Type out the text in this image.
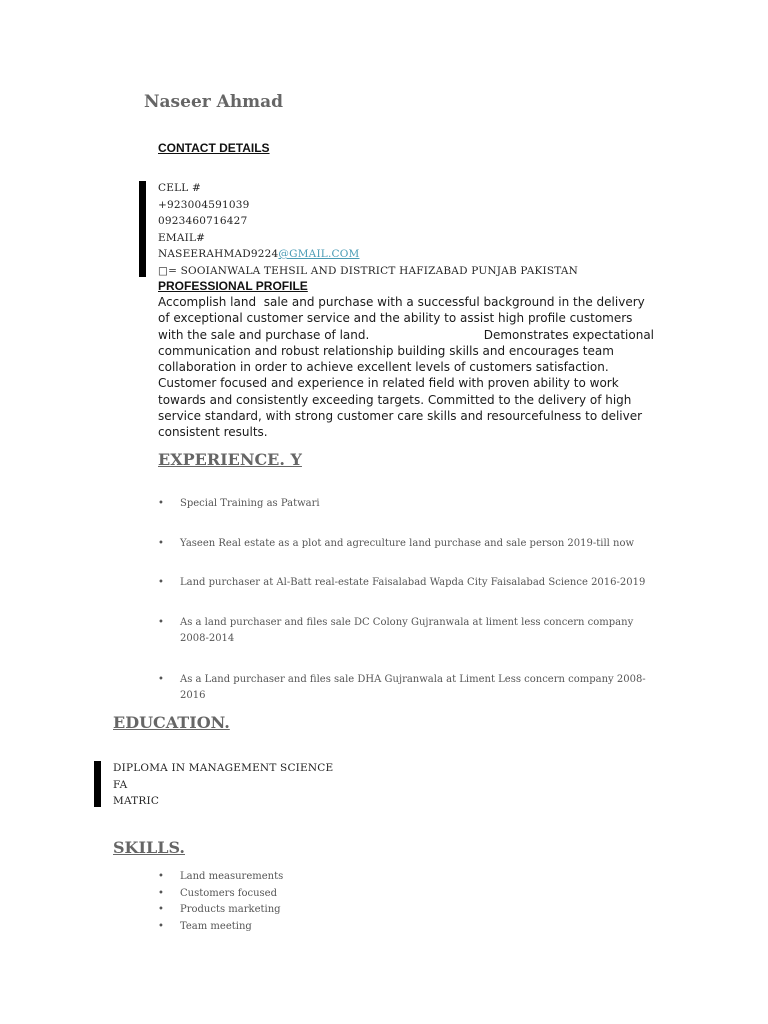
Naseer Ahmad
CONTACT DETAILS
CELL #
+923004591039
0923460716427
EMAIL#
NASEERAHMAD9224@GMAIL.COM
□= SOOIANWALA TEHSIL AND DISTRICT HAFIZABAD PUNJAB PAKISTAN
PROFESSIONAL PROFILE
Accomplish land  sale and purchase with a successful background in the delivery of exceptional customer service and the ability to assist high profile customers with the sale and purchase of land.                              Demonstrates expectational communication and robust relationship building skills and encourages team collaboration in order to achieve excellent levels of customers satisfaction. Customer focused and experience in related field with proven ability to work towards and consistently exceeding targets. Committed to the delivery of high service standard, with strong customer care skills and resourcefulness to deliver consistent results.
EXPERIENCE. Y
• Special Training as Patwari
• Yaseen Real estate as a plot and agreculture land purchase and sale person 2019-till now
• Land purchaser at Al-Batt real-estate Faisalabad Wapda City Faisalabad Science 2016-2019
• As a land purchaser and files sale DC Colony Gujranwala at liment less concern company 2008-2014
• As a Land purchaser and files sale DHA Gujranwala at Liment Less concern company 2008-2016
EDUCATION.
DIPLOMA IN MANAGEMENT SCIENCE
FA
MATRIC
SKILLS.
• Land measurements
• Customers focused
• Products marketing
• Team meeting
